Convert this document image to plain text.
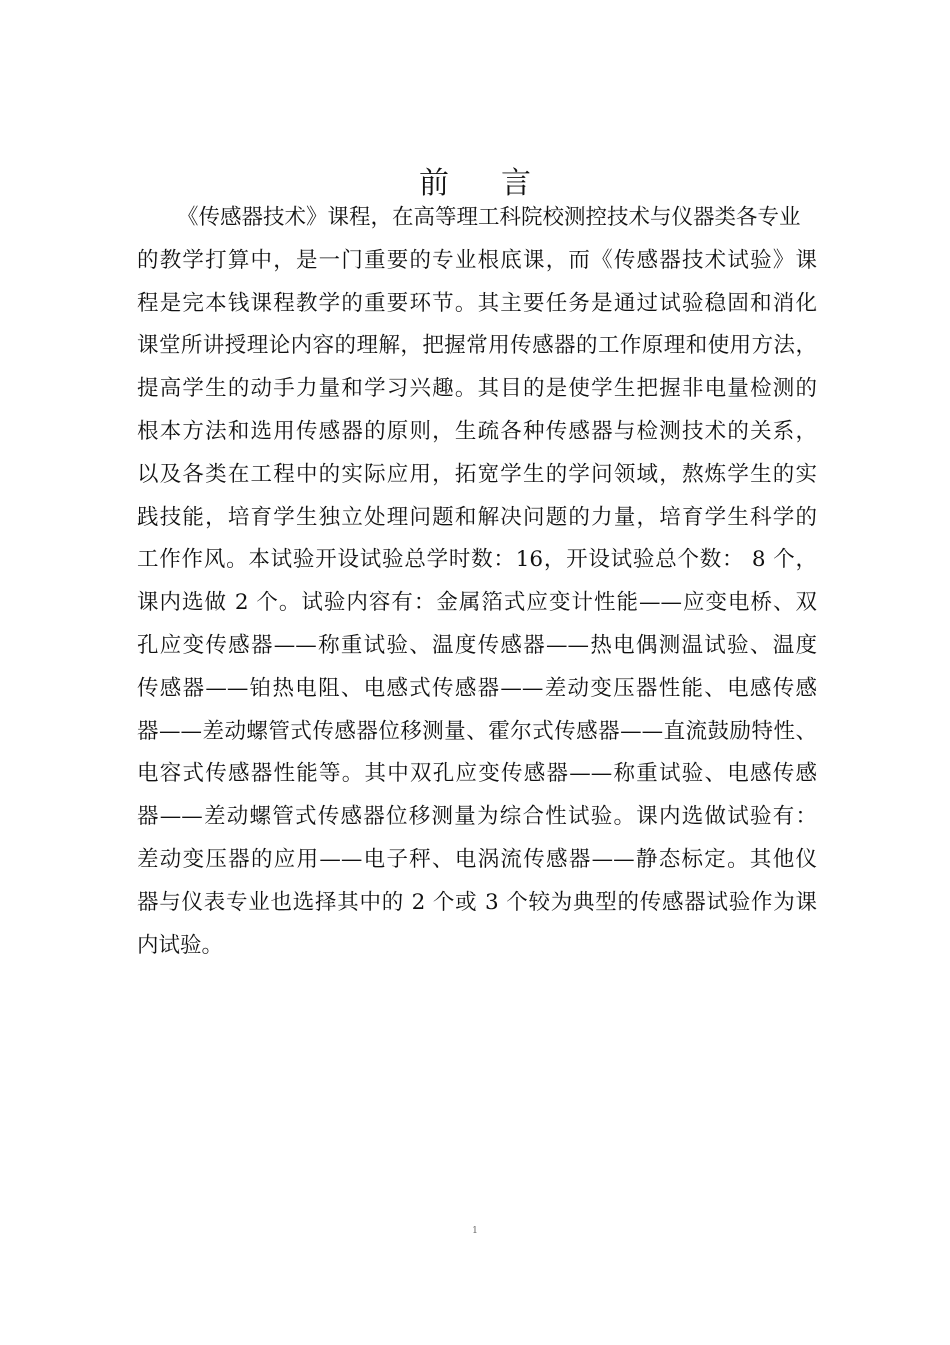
前 言
《传感器技术》课程，在高等理工科院校测控技术与仪器类各专业
的教学打算中，是一门重要的专业根底课，而《传感器技术试验》课
程是完本钱课程教学的重要环节。其主要任务是通过试验稳固和消化
课堂所讲授理论内容的理解，把握常用传感器的工作原理和使用方法，
提高学生的动手力量和学习兴趣。其目的是使学生把握非电量检测的
根本方法和选用传感器的原则，生疏各种传感器与检测技术的关系，
以及各类在工程中的实际应用，拓宽学生的学问领域，熬炼学生的实
践技能，培育学生独立处理问题和解决问题的力量，培育学生科学的
工作作风。本试验开设试验总学时数：16，开设试验总个数： 8 个，
课内选做 2 个。试验内容有：金属箔式应变计性能——应变电桥、双
孔应变传感器——称重试验、温度传感器——热电偶测温试验、温度
传感器——铂热电阻、电感式传感器——差动变压器性能、电感传感
器——差动螺管式传感器位移测量、霍尔式传感器——直流鼓励特性、
电容式传感器性能等。其中双孔应变传感器——称重试验、电感传感
器——差动螺管式传感器位移测量为综合性试验。课内选做试验有：
差动变压器的应用——电子秤、电涡流传感器——静态标定。其他仪
器与仪表专业也选择其中的 2 个或 3 个较为典型的传感器试验作为课
内试验。
1
